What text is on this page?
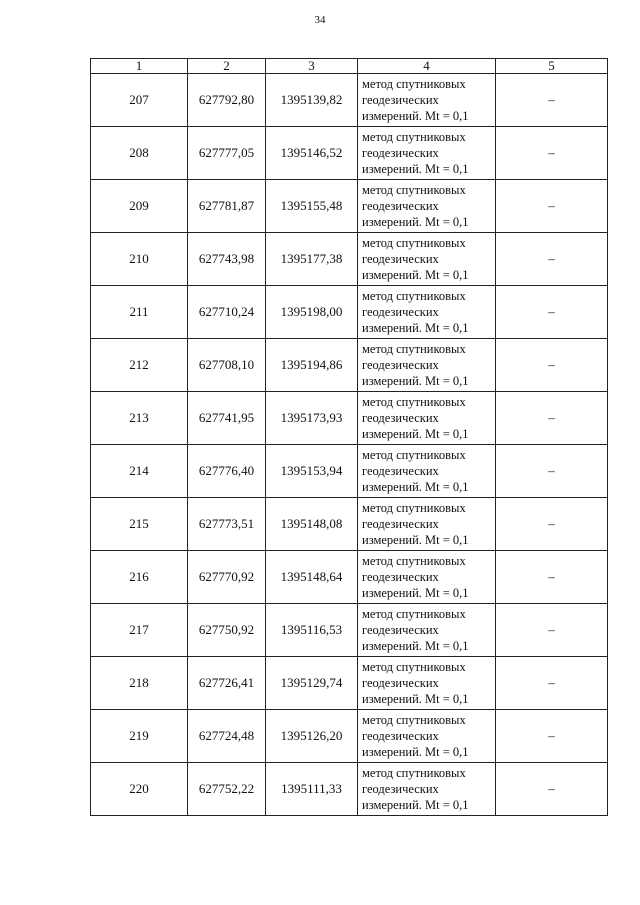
34
1	2	3	4	5
207	627792,80	1395139,82	метод спутниковых
геодезических
измерений. Mt = 0,1	–
208	627777,05	1395146,52	метод спутниковых
геодезических
измерений. Mt = 0,1	–
209	627781,87	1395155,48	метод спутниковых
геодезических
измерений. Mt = 0,1	–
210	627743,98	1395177,38	метод спутниковых
геодезических
измерений. Mt = 0,1	–
211	627710,24	1395198,00	метод спутниковых
геодезических
измерений. Mt = 0,1	–
212	627708,10	1395194,86	метод спутниковых
геодезических
измерений. Mt = 0,1	–
213	627741,95	1395173,93	метод спутниковых
геодезических
измерений. Mt = 0,1	–
214	627776,40	1395153,94	метод спутниковых
геодезических
измерений. Mt = 0,1	–
215	627773,51	1395148,08	метод спутниковых
геодезических
измерений. Mt = 0,1	–
216	627770,92	1395148,64	метод спутниковых
геодезических
измерений. Mt = 0,1	–
217	627750,92	1395116,53	метод спутниковых
геодезических
измерений. Mt = 0,1	–
218	627726,41	1395129,74	метод спутниковых
геодезических
измерений. Mt = 0,1	–
219	627724,48	1395126,20	метод спутниковых
геодезических
измерений. Mt = 0,1	–
220	627752,22	1395111,33	метод спутниковых
геодезических
измерений. Mt = 0,1	–
